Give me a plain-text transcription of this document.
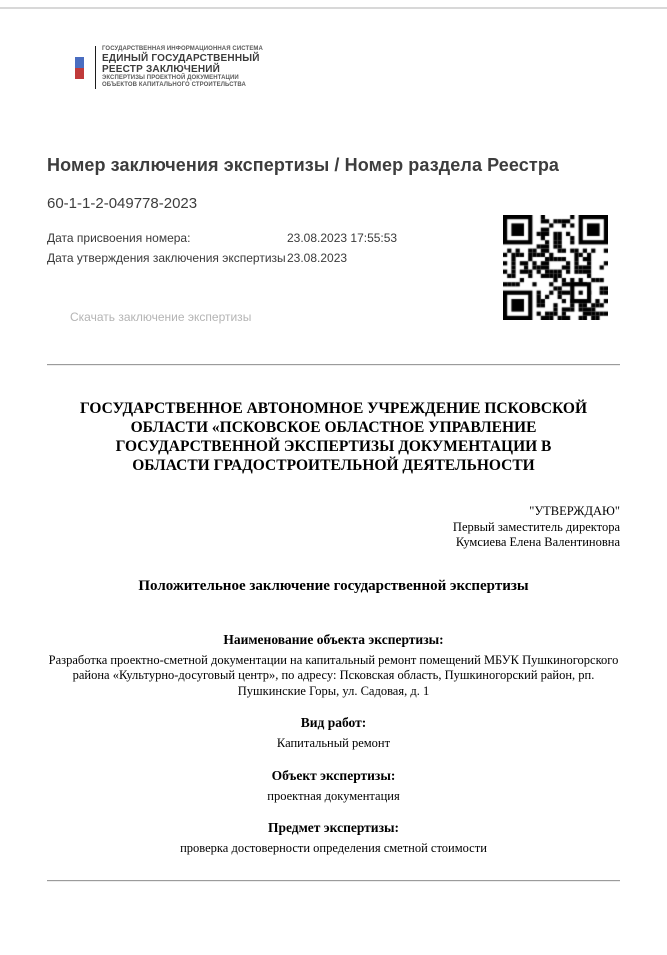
ГОСУДАРСТВЕННАЯ ИНФОРМАЦИОННАЯ СИСТЕМА
ЕДИНЫЙ ГОСУДАРСТВЕННЫЙ
РЕЕСТР ЗАКЛЮЧЕНИЙ
ЭКСПЕРТИЗЫ ПРОЕКТНОЙ ДОКУМЕНТАЦИИ
ОБЪЕКТОВ КАПИТАЛЬНОГО СТРОИТЕЛЬСТВА
Номер заключения экспертизы / Номер раздела Реестра
60-1-1-2-049778-2023
Дата присвоения номера:	23.08.2023 17:55:53
Дата утверждения заключения экспертизы 23.08.2023
Скачать заключение экспертизы
ГОСУДАРСТВЕННОЕ АВТОНОМНОЕ УЧРЕЖДЕНИЕ ПСКОВСКОЙ ОБЛАСТИ «ПСКОВСКОЕ ОБЛАСТНОЕ УПРАВЛЕНИЕ ГОСУДАРСТВЕННОЙ ЭКСПЕРТИЗЫ ДОКУМЕНТАЦИИ В ОБЛАСТИ ГРАДОСТРОИТЕЛЬНОЙ ДЕЯТЕЛЬНОСТИ
"УТВЕРЖДАЮ"
Первый заместитель директора
Кумсиева Елена Валентиновна
Положительное заключение государственной экспертизы
Наименование объекта экспертизы:
Разработка проектно-сметной документации на капитальный ремонт помещений МБУК Пушкиногорского района «Культурно-досуговый центр», по адресу: Псковская область, Пушкиногорский район, рп. Пушкинские Горы, ул. Садовая, д. 1
Вид работ:
Капитальный ремонт
Объект экспертизы:
проектная документация
Предмет экспертизы:
проверка достоверности определения сметной стоимости
